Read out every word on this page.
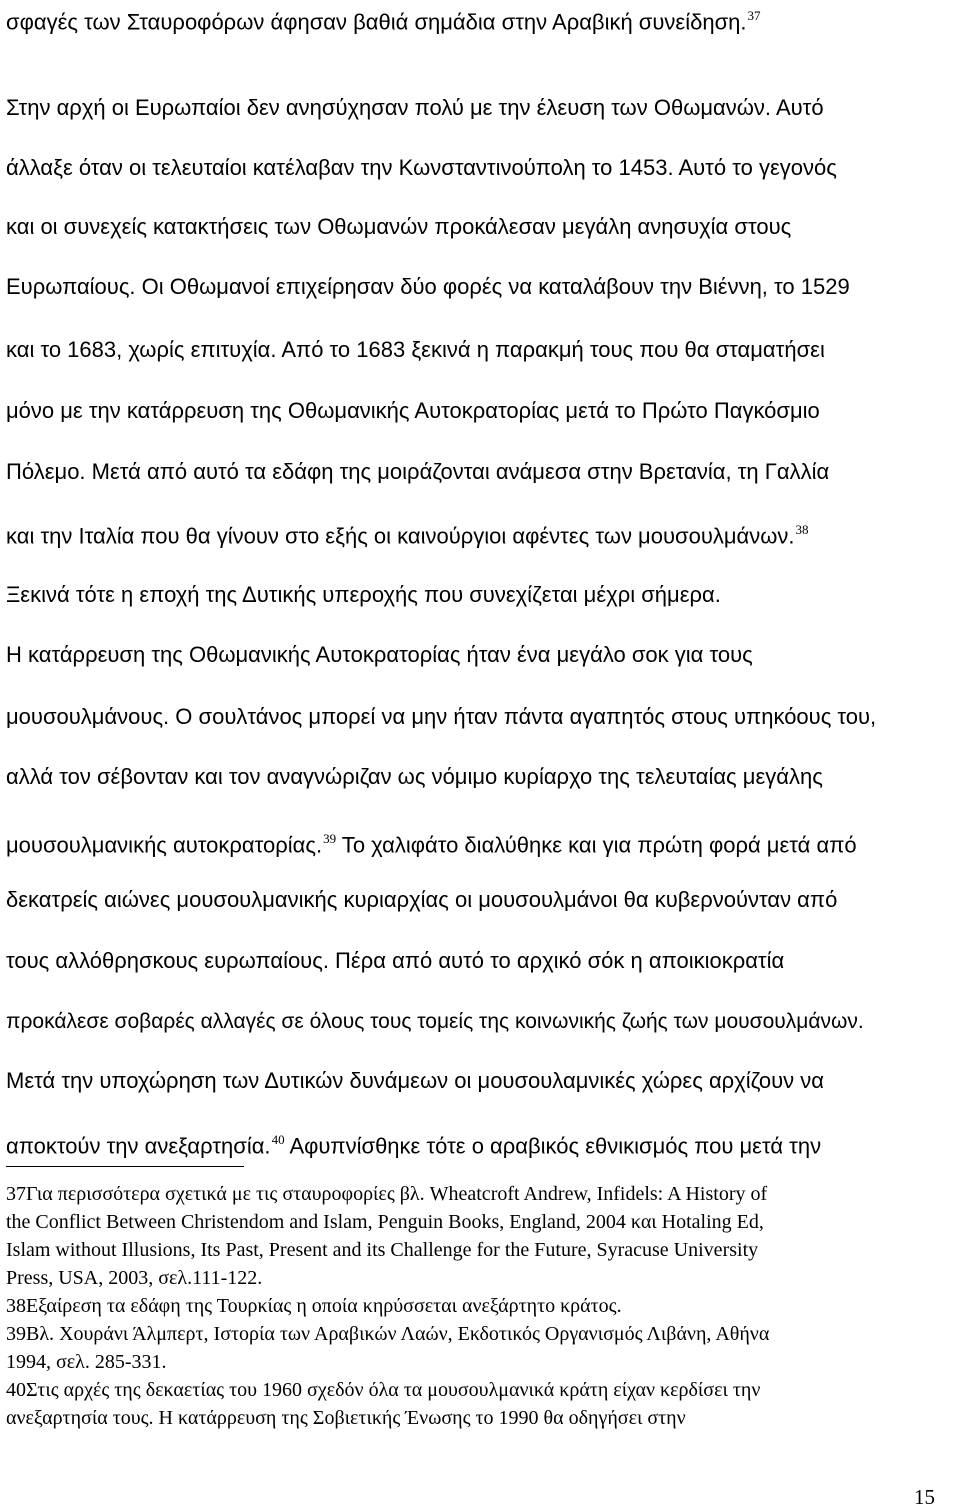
σφαγές των Σταυροφόρων άφησαν βαθιά σημάδια στην Αραβική συνείδηση.$^{37}$
Στην αρχή οι Ευρωπαίοι δεν ανησύχησαν πολύ με την έλευση των Οθωμανών. Αυτό
άλλαξε όταν οι τελευταίοι κατέλαβαν την Κωνσταντινούπολη το 1453. Αυτό το γεγονός
και οι συνεχείς κατακτήσεις των Οθωμανών προκάλεσαν μεγάλη ανησυχία στους
Ευρωπαίους. Οι Οθωμανοί επιχείρησαν δύο φορές να καταλάβουν την Βιέννη, το 1529
και το 1683, χωρίς επιτυχία. Από το 1683 ξεκινά η παρακμή τους που θα σταματήσει
μόνο με την κατάρρευση της Οθωμανικής Αυτοκρατορίας μετά το Πρώτο Παγκόσμιο
Πόλεμο. Μετά από αυτό τα εδάφη της μοιράζονται ανάμεσα στην Βρετανία, τη Γαλλία
και την Ιταλία που θα γίνουν στο εξής οι καινούργιοι αφέντες των μουσουλμάνων.$^{38}$
Ξεκινά τότε η εποχή της Δυτικής υπεροχής που συνεχίζεται μέχρι σήμερα.
Η κατάρρευση της Οθωμανικής Αυτοκρατορίας ήταν ένα μεγάλο σοκ για τους
μουσουλμάνους. Ο σουλτάνος μπορεί να μην ήταν πάντα αγαπητός στους υπηκόους του,
αλλά τον σέβονταν και τον αναγνώριζαν ως νόμιμο κυρίαρχο της τελευταίας μεγάλης
μουσουλμανικής αυτοκρατορίας.$^{39}$ Το χαλιφάτο διαλύθηκε και για πρώτη φορά μετά από
δεκατρείς αιώνες μουσουλμανικής κυριαρχίας οι μουσουλμάνοι θα κυβερνούνταν από
τους αλλόθρησκους ευρωπαίους. Πέρα από αυτό το αρχικό σόκ η αποικιοκρατία
προκάλεσε σοβαρές αλλαγές σε όλους τους τομείς της κοινωνικής ζωής των μουσουλμάνων.
Μετά την υποχώρηση των Δυτικών δυνάμεων οι μουσουλαμνικές χώρες αρχίζουν να
αποκτούν την ανεξαρτησία.$^{40}$ Αφυπνίσθηκε τότε ο αραβικός εθνικισμός που μετά την
37Για περισσότερα σχετικά με τις σταυροφορίες βλ. Wheatcroft Andrew, Infidels: A History of
the Conflict Between Christendom and Islam, Penguin Books, England, 2004 και Hotaling Ed,
Islam without Illusions, Its Past, Present and its Challenge for the Future, Syracuse University
Press, USA, 2003, σελ.111-122.
38Εξαίρεση τα εδάφη της Τουρκίας η οποία κηρύσσεται ανεξάρτητο κράτος.
39Βλ. Χουράνι Άλμπερτ, Ιστορία των Αραβικών Λαών, Εκδοτικός Οργανισμός Λιβάνη, Αθήνα
1994, σελ. 285-331.
40Στις αρχές της δεκαετίας του 1960 σχεδόν όλα τα μουσουλμανικά κράτη είχαν κερδίσει την
ανεξαρτησία τους. Η κατάρρευση της Σοβιετικής Ένωσης το 1990 θα οδηγήσει στην
15
